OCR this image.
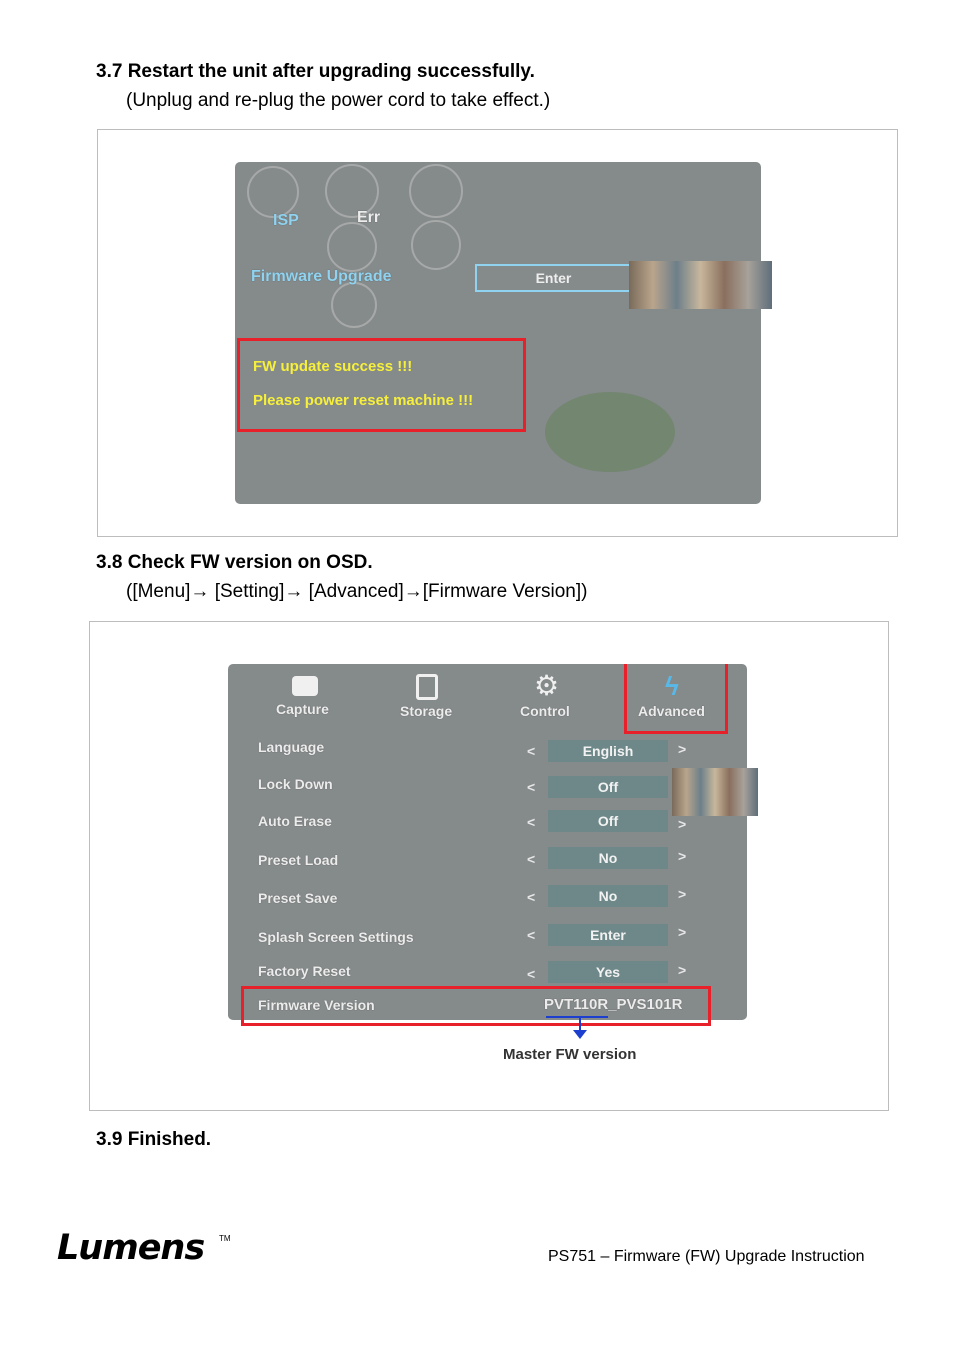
3.7 Restart the unit after upgrading successfully.
(Unplug and re-plug the power cord to take effect.)
ISP	Err
Firmware Upgrade	Enter
FW update success !!!
Please power reset machine !!!
3.8 Check FW version on OSD.
([Menu]→ [Setting]→ [Advanced]→[Firmware Version])
⚙	ϟ
Capture	Storage	Control	Advanced
Language	<	English	>
Lock Down	<	Off
Auto Erase	<	Off	>
Preset Load	<	No	>
Preset Save	<	No	>
Splash Screen Settings	<	Enter	>
Factory Reset	<	Yes	>
Firmware Version	PVT110R_PVS101R
Master FW version
3.9 Finished.
Lumens TM
PS751 – Firmware (FW) Upgrade Instruction
